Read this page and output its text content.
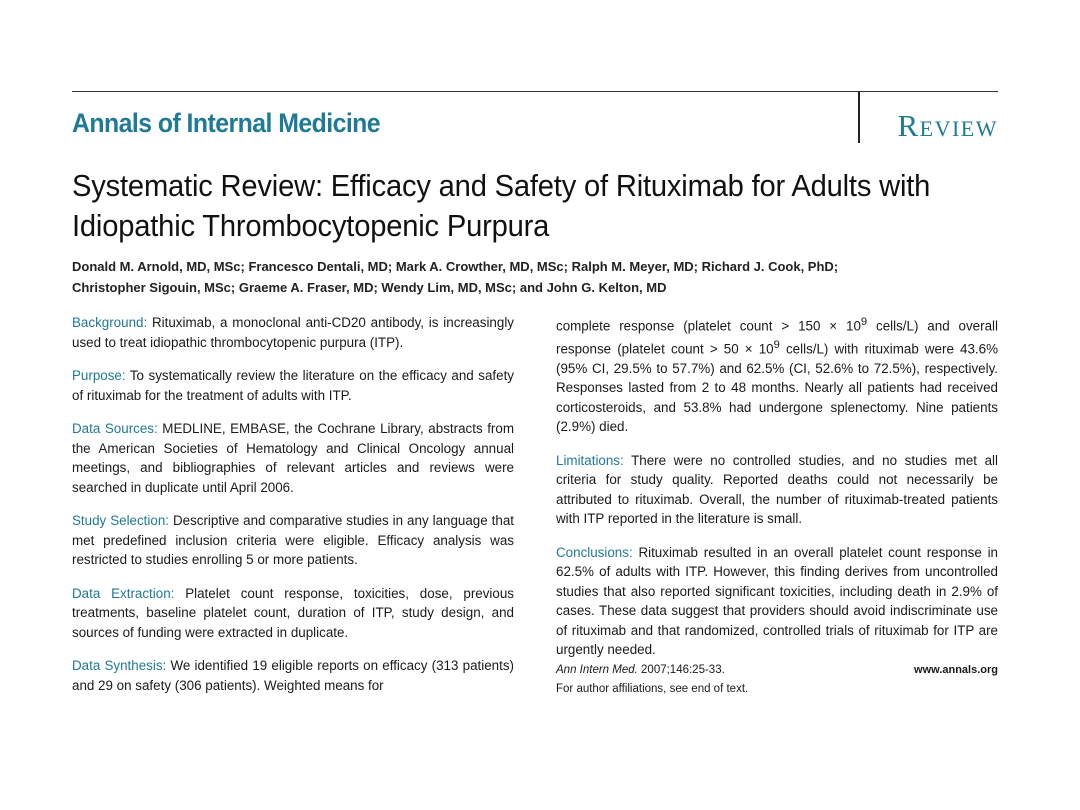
Annals of Internal Medicine	Review
Systematic Review: Efficacy and Safety of Rituximab for Adults with
Idiopathic Thrombocytopenic Purpura
Donald M. Arnold, MD, MSc; Francesco Dentali, MD; Mark A. Crowther, MD, MSc; Ralph M. Meyer, MD; Richard J. Cook, PhD;
Christopher Sigouin, MSc; Graeme A. Fraser, MD; Wendy Lim, MD, MSc; and John G. Kelton, MD

Background: Rituximab, a monoclonal anti-CD20 antibody, is increasingly used to treat idiopathic thrombocytopenic purpura (ITP).

Purpose: To systematically review the literature on the efficacy and safety of rituximab for the treatment of adults with ITP.

Data Sources: MEDLINE, EMBASE, the Cochrane Library, abstracts from the American Societies of Hematology and Clinical Oncology annual meetings, and bibliographies of relevant articles and reviews were searched in duplicate until April 2006.

Study Selection: Descriptive and comparative studies in any language that met predefined inclusion criteria were eligible. Efficacy analysis was restricted to studies enrolling 5 or more patients.

Data Extraction: Platelet count response, toxicities, dose, previous treatments, baseline platelet count, duration of ITP, study design, and sources of funding were extracted in duplicate.

Data Synthesis: We identified 19 eligible reports on efficacy (313 patients) and 29 on safety (306 patients). Weighted means for

complete response (platelet count > $150 \times 10^9$ cells/L) and overall response (platelet count > $50 \times 10^9$ cells/L) with rituximab were 43.6% (95% CI, 29.5% to 57.7%) and 62.5% (CI, 52.6% to 72.5%), respectively. Responses lasted from 2 to 48 months. Nearly all patients had received corticosteroids, and 53.8% had undergone splenectomy. Nine patients (2.9%) died.

Limitations: There were no controlled studies, and no studies met all criteria for study quality. Reported deaths could not necessarily be attributed to rituximab. Overall, the number of rituximab-treated patients with ITP reported in the literature is small.

Conclusions: Rituximab resulted in an overall platelet count response in 62.5% of adults with ITP. However, this finding derives from uncontrolled studies that also reported significant toxicities, including death in 2.9% of cases. These data suggest that providers should avoid indiscriminate use of rituximab and that randomized, controlled trials of rituximab for ITP are urgently needed.

Ann Intern Med. 2007;146:25-33.	www.annals.org
For author affiliations, see end of text.
